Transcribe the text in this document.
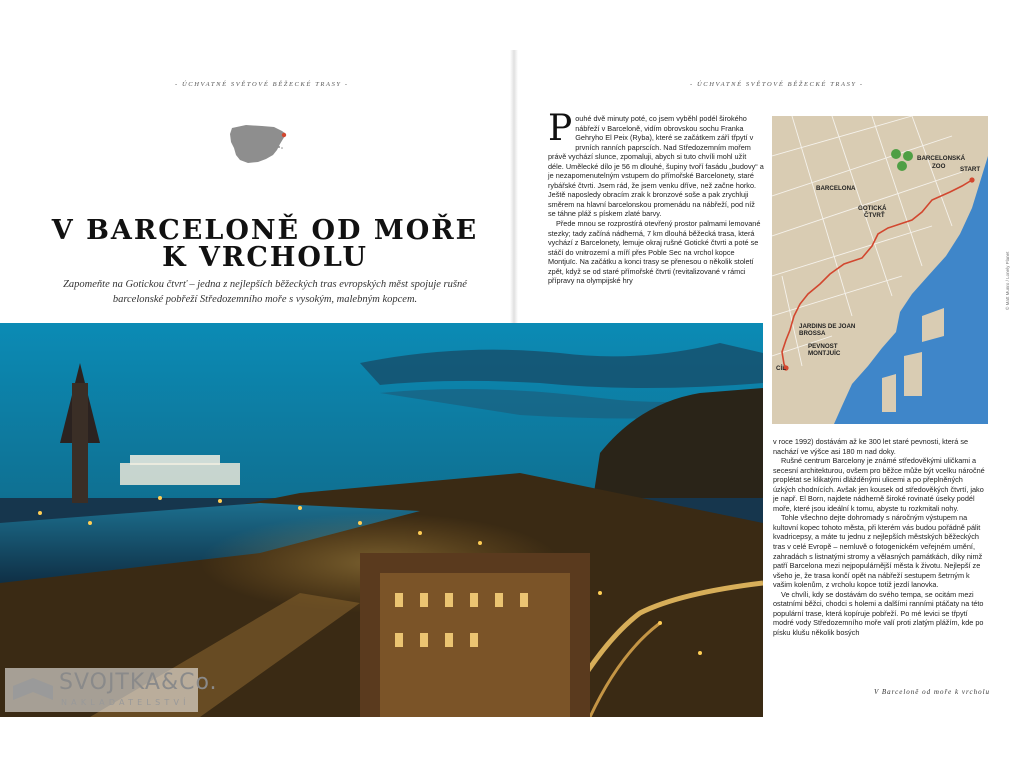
- ÚCHVATNÉ SVĚTOVÉ BĚŽECKÉ TRASY -	- ÚCHVATNÉ SVĚTOVÉ BĚŽECKÉ TRASY -
V BARCELONĚ OD MOŘE
K VRCHOLU
Zapomeňte na Gotickou čtvrť – jedna z nejlepších běžeckých tras evropských měst spojuje rušné barcelonské pobřeží Středozemního moře s vysokým, malebným kopcem.
P ouhé dvě minuty poté, co jsem vyběhl podél širokého nábřeží v Barceloně, vidím obrovskou sochu Franka Gehryho El Peix (Ryba), které se začátkem září třpytí v prvních ranních paprscích. Nad Středozemním mořem právě vychází slunce, zpomaluji, abych si tuto chvíli mohl užít déle. Umělecké dílo je 56 m dlouhé, šupiny tvoří fasádu „budovy“ a je nezapomenutelným vstupem do přímořské Barcelonety, staré rybářské čtvrti. Jsem rád, že jsem venku dříve, než začne horko. Ještě naposledy obracím zrak k bronzové soše a pak zrychluji směrem na hlavní barcelonskou promenádu na nábřeží, pod níž se táhne pláž s pískem zlaté barvy.

Přede mnou se rozprostírá otevřený prostor palmami lemované stezky; tady začíná nádherná, 7 km dlouhá běžecká trasa, která vychází z Barcelonety, lemuje okraj rušné Gotické čtvrti a poté se stáčí do vnitrozemí a míří přes Poble Sec na vrchol kopce Montjuïc. Na začátku a konci trasy se přenesou o několik století zpět, když se od staré přímořské čtvrti (revitalizované v rámci přípravy na olympijské hry

v roce 1992) dostávám až ke 300 let staré pevnosti, která se nachází ve výšce asi 180 m nad doky.

Rušné centrum Barcelony je známé středověkými uličkami a secesní architekturou, ovšem pro běžce může být vcelku náročné proplétat se klikatými dlážděnými ulicemi a po přeplněných úzkých chodnících. Avšak jen kousek od středověkých čtvrtí, jako je např. El Born, najdete nádherně široké rovinaté úseky podél moře, které jsou ideální k tomu, abyste tu rozkmitali nohy.

Tohle všechno dejte dohromady s náročným výstupem na kultovní kopec tohoto města, při kterém vás budou pořádně pálit kvadricepsy, a máte tu jednu z nejlepších městských běžeckých tras v celé Evropě – nemluvě o fotogenickém veřejném umění, zahradách s listnatými stromy a vělasných památkách, díky nimž patří Barcelona mezi nejpopulárnější města k životu. Nejlepší ze všeho je, že trasa končí opět na nábřeží sestupem šetrným k vašim kolenům, z vrcholu kopce totiž jezdí lanovka.

Ve chvíli, kdy se dostávám do svého tempa, se ocitám mezi ostatními běžci, chodci s holemi a dalšími ranními ptáčaty na této populární trase, která kopíruje pobřeží. Po mé levici se třpytí modré vody Středozemního moře valí proti zlatým plážím, kde po písku klušu několik bosých

BARCELONSKÁ
ZOO START
BARCELONA
GOTICKÁ
ČTVRŤ
JARDINS DE JOAN
BROSSA
PEVNOST
MONTJUÏC
CÍL
© Matt Munro / Lonely Planet
SVOJTKA&Co.
NAKLADATELSTVÍ
V Barceloně od moře k vrcholu
